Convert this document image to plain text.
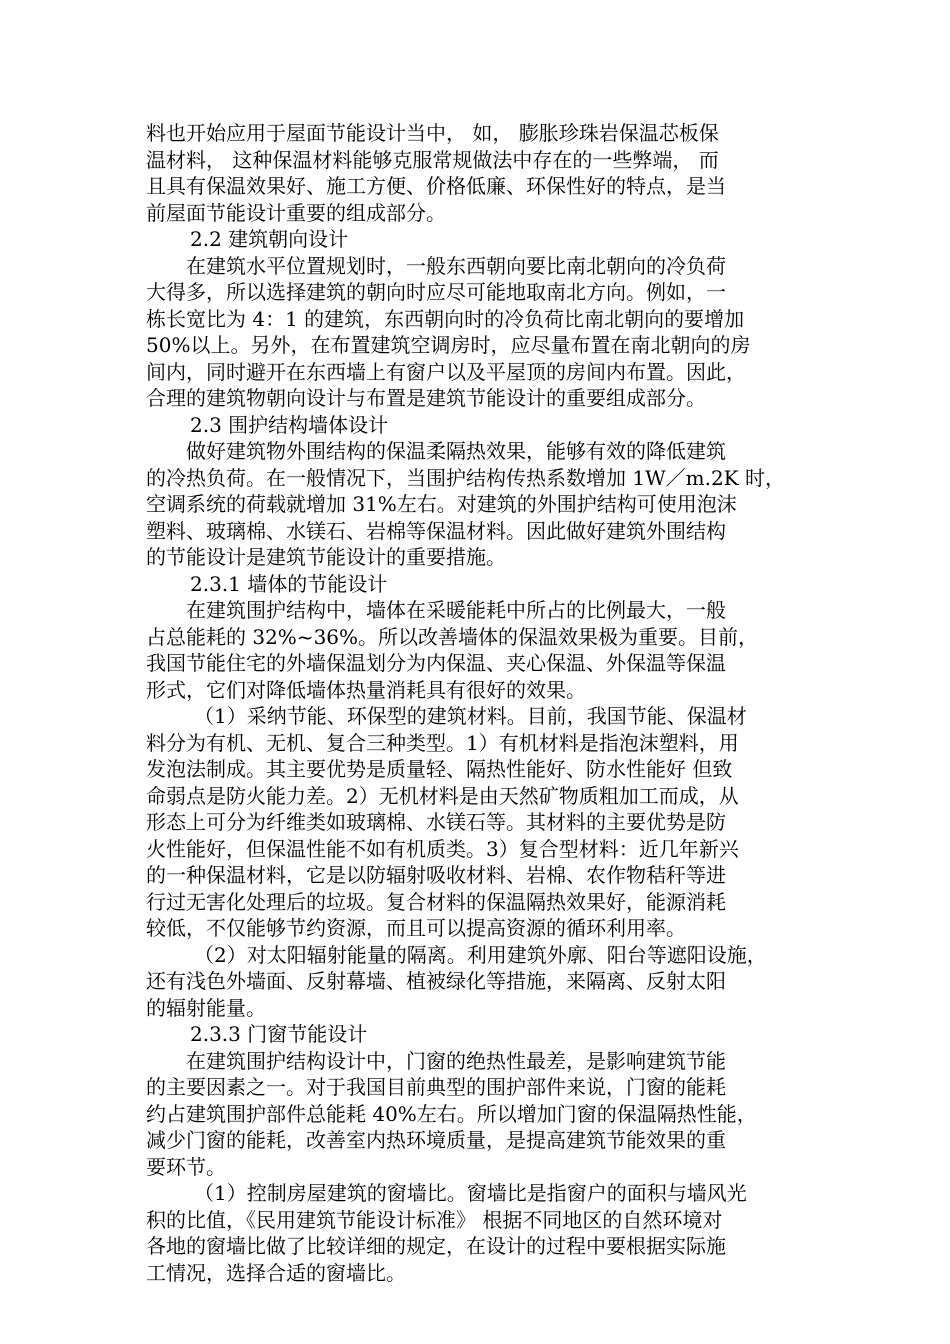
料也开始应用于屋面节能设计当中， 如， 膨胀珍珠岩保温芯板保

温材料， 这种保温材料能够克服常规做法中存在的一些弊端， 而

且具有保温效果好、施工方便、价格低廉、环保性好的特点，是当

前屋面节能设计重要的组成部分。

2.2 建筑朝向设计

在建筑水平位置规划时，一般东西朝向要比南北朝向的冷负荷

大得多，所以选择建筑的朝向时应尽可能地取南北方向。例如，一

栋长宽比为 4：1 的建筑，东西朝向时的冷负荷比南北朝向的要增加

50%以上。另外，在布置建筑空调房时，应尽量布置在南北朝向的房

间内，同时避开在东西墙上有窗户以及平屋顶的房间内布置。因此，

合理的建筑物朝向设计与布置是建筑节能设计的重要组成部分。

2.3 围护结构墙体设计

做好建筑物外围结构的保温柔隔热效果，能够有效的降低建筑

的冷热负荷。在一般情况下，当围护结构传热系数增加 1W／m.2K 时，

空调系统的荷载就增加 31%左右。对建筑的外围护结构可使用泡沫

塑料、玻璃棉、水镁石、岩棉等保温材料。因此做好建筑外围结构

的节能设计是建筑节能设计的重要措施。

2.3.1 墙体的节能设计

在建筑围护结构中，墙体在采暖能耗中所占的比例最大，一般

占总能耗的 32%~36%。所以改善墙体的保温效果极为重要。目前，

我国节能住宅的外墙保温划分为内保温、夹心保温、外保温等保温

形式，它们对降低墙体热量消耗具有很好的效果。

（1）采纳节能、环保型的建筑材料。目前，我国节能、保温材

料分为有机、无机、复合三种类型。1）有机材料是指泡沫塑料，用

发泡法制成。其主要优势是质量轻、隔热性能好、防水性能好 但致

命弱点是防火能力差。2）无机材料是由天然矿物质粗加工而成，从

形态上可分为纤维类如玻璃棉、水镁石等。其材料的主要优势是防

火性能好，但保温性能不如有机质类。3）复合型材料：近几年新兴

的一种保温材料，它是以防辐射吸收材料、岩棉、农作物秸秆等进

行过无害化处理后的垃圾。复合材料的保温隔热效果好，能源消耗

较低，不仅能够节约资源，而且可以提高资源的循环利用率。

（2）对太阳辐射能量的隔离。利用建筑外廓、阳台等遮阳设施，

还有浅色外墙面、反射幕墙、植被绿化等措施，来隔离、反射太阳

的辐射能量。

2.3.3 门窗节能设计

在建筑围护结构设计中，门窗的绝热性最差，是影响建筑节能

的主要因素之一。对于我国目前典型的围护部件来说，门窗的能耗

约占建筑围护部件总能耗 40%左右。所以增加门窗的保温隔热性能，

减少门窗的能耗，改善室内热环境质量，是提高建筑节能效果的重

要环节。

（1）控制房屋建筑的窗墙比。窗墙比是指窗户的面积与墙风光

积的比值，《民用建筑节能设计标准》 根据不同地区的自然环境对

各地的窗墙比做了比较详细的规定，在设计的过程中要根据实际施

工情况，选择合适的窗墙比。
